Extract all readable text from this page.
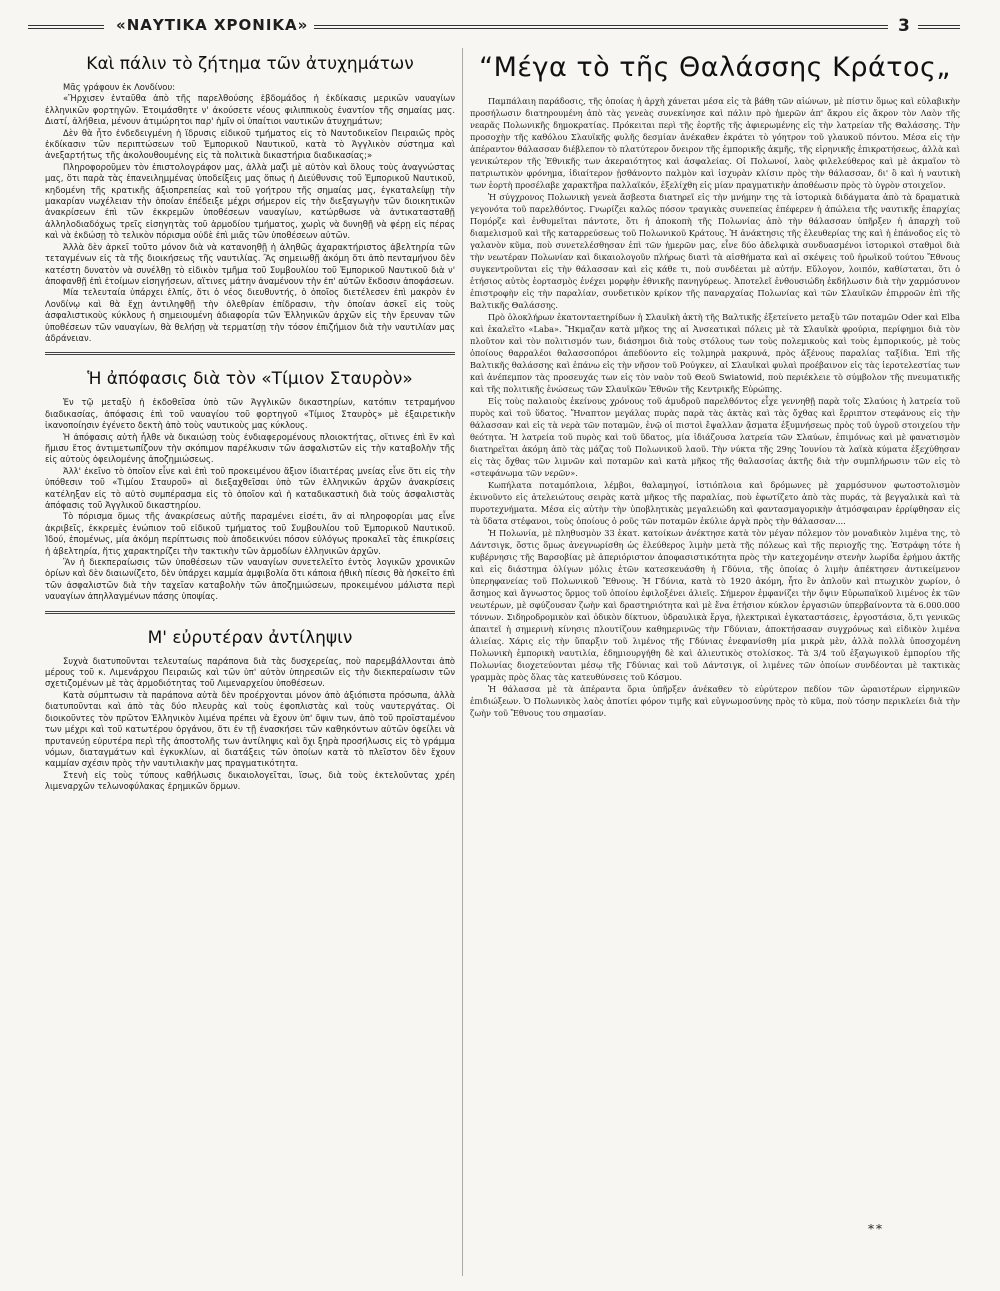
«ΝΑΥΤΙΚΑ ΧΡΟΝΙΚΑ»	3
Καὶ πάλιν τὸ ζήτημα τῶν ἀτυχημάτων

Μᾶς γράφουν ἐκ Λονδίνου:

«Ἤρχισεν ἐνταῦθα ἀπὸ τῆς παρελθούσης ἑβδομάδος ἡ ἐκδίκασις μερικῶν ναυαγίων ἑλληνικῶν φορτηγῶν. Ἑτοιμάσθητε ν' ἀκούσετε νέους φιλιππικοὺς ἐναντίον τῆς σημαίας μας. Διατί, ἀλήθεια, μένουν ἀτιμώρητοι παρ' ἡμῖν οἱ ὑπαίτιοι ναυτικῶν ἀτυχημάτων;

Δὲν θὰ ἦτο ἐνδεδειγμένη ἡ ἵδρυσις εἰδικοῦ τμήματος εἰς τὸ Ναυτοδικεῖον Πειραιῶς πρὸς ἐκδίκασιν τῶν περιπτώσεων τοῦ Ἐμπορικοῦ Ναυτικοῦ, κατὰ τὸ Ἀγγλικὸν σύστημα καὶ ἀνεξαρτήτως τῆς ἀκολουθουμένης εἰς τὰ πολιτικὰ δικαστήρια διαδικασίας;»

Πληροφοροῦμεν τὸν ἐπιστολογράφον μας, ἀλλὰ μαζὶ μὲ αὐτὸν καὶ ὅλους τοὺς ἀναγνώστας μας, ὅτι παρὰ τὰς ἐπανειλημμένας ὑποδείξεις μας ὅπως ἡ Διεύθυνσις τοῦ Ἐμπορικοῦ Ναυτικοῦ, κηδομένη τῆς κρατικῆς ἀξιοπρεπείας καὶ τοῦ γοήτρου τῆς σημαίας μας, ἐγκαταλείψῃ τὴν μακαρίαν νωχέλειαν τὴν ὁποίαν ἐπέδειξε μέχρι σήμερον εἰς τὴν διεξαγωγὴν τῶν διοικητικῶν ἀνακρίσεων ἐπὶ τῶν ἐκκρεμῶν ὑποθέσεων ναυαγίων, κατώρθωσε νὰ ἀντικατασταθῇ ἀλληλοδιαδόχως τρεῖς εἰσηγητὰς τοῦ ἁρμοδίου τμήματος, χωρὶς νὰ δυνηθῇ νὰ φέρῃ εἰς πέρας καὶ νὰ ἐκδώσῃ τὸ τελικὸν πόρισμα οὐδὲ ἐπὶ μιᾶς τῶν ὑποθέσεων αὐτῶν.

Ἀλλὰ δὲν ἀρκεῖ τοῦτο μόνον διὰ νὰ κατανοηθῇ ἡ ἀληθῶς ἀχαρακτήριστος ἀβελτηρία τῶν τεταγμένων εἰς τὰ τῆς διοικήσεως τῆς ναυτιλίας. Ἂς σημειωθῇ ἀκόμη ὅτι ἀπὸ πενταμήνου δὲν κατέστη δυνατὸν νὰ συνέλθῃ τὸ εἰδικὸν τμῆμα τοῦ Συμβουλίου τοῦ Ἐμπορικοῦ Ναυτικοῦ διὰ ν' ἀποφανθῇ ἐπὶ ἑτοίμων εἰσηγήσεων, αἵτινες μάτην ἀναμένουν τὴν ἐπ' αὐτῶν ἔκδοσιν ἀποφάσεων.

Μία τελευταία ὑπάρχει ἐλπίς, ὅτι ὁ νέος διευθυντής, ὁ ὁποῖος διετέλεσεν ἐπὶ μακρὸν ἐν Λονδίνῳ καὶ θὰ ἔχῃ ἀντιληφθῇ τὴν ὀλεθρίαν ἐπίδρασιν, τὴν ὁποίαν ἀσκεῖ εἰς τοὺς ἀσφαλιστικοὺς κύκλους ἡ σημειουμένη ἀδιαφορία τῶν Ἑλληνικῶν ἀρχῶν εἰς τὴν ἔρευναν τῶν ὑποθέσεων τῶν ναυαγίων, θὰ θελήσῃ νὰ τερματίσῃ τὴν τόσον ἐπιζήμιον διὰ τὴν ναυτιλίαν μας ἀδράνειαν.

Ἡ ἀπόφασις διὰ τὸν «Τίμιον Σταυρὸν»

Ἐν τῷ μεταξὺ ἡ ἐκδοθεῖσα ὑπὸ τῶν Ἀγγλικῶν δικαστηρίων, κατόπιν τετραμήνου διαδικασίας, ἀπόφασις ἐπὶ τοῦ ναυαγίου τοῦ φορτηγοῦ «Τίμιος Σταυρὸς» μὲ ἐξαιρετικὴν ἱκανοποίησιν ἐγένετο δεκτὴ ἀπὸ τοὺς ναυτικοὺς μας κύκλους.

Ἡ ἀπόφασις αὐτὴ ἦλθε νὰ δικαιώσῃ τοὺς ἐνδιαφερομένους πλοιοκτήτας, οἵτινες ἐπὶ ἓν καὶ ἥμισυ ἔτος ἀντιμετωπίζουν τὴν σκόπιμον παρέλκυσιν τῶν ἀσφαλιστῶν εἰς τὴν καταβολὴν τῆς εἰς αὐτοὺς ὀφειλομένης ἀποζημιώσεως.

Ἀλλ' ἐκεῖνο τὸ ὁποῖον εἶνε καὶ ἐπὶ τοῦ προκειμένου ἄξιον ἰδιαιτέρας μνείας εἶνε ὅτι εἰς τὴν ὑπόθεσιν τοῦ «Τιμίου Σταυροῦ» αἱ διεξαχθεῖσαι ὑπὸ τῶν ἑλληνικῶν ἀρχῶν ἀνακρίσεις κατέληξαν εἰς τὸ αὐτὸ συμπέρασμα εἰς τὸ ὁποῖον καὶ ἡ καταδικαστικὴ διὰ τοὺς ἀσφαλιστὰς ἀπόφασις τοῦ Ἀγγλικοῦ δικαστηρίου.

Τὸ πόρισμα ὅμως τῆς ἀνακρίσεως αὐτῆς παραμένει εἰσέτι, ἂν αἱ πληροφορίαι μας εἶνε ἀκριβεῖς, ἐκκρεμὲς ἐνώπιον τοῦ εἰδικοῦ τμήματος τοῦ Συμβουλίου τοῦ Ἐμπορικοῦ Ναυτικοῦ. Ἰδού, ἑπομένως, μία ἀκόμη περίπτωσις ποὺ ἀποδεικνύει πόσον εὐλόγως προκαλεῖ τὰς ἐπικρίσεις ἡ ἀβελτηρία, ἥτις χαρακτηρίζει τὴν τακτικὴν τῶν ἁρμοδίων ἑλληνικῶν ἀρχῶν.

Ἂν ἡ διεκπεραίωσις τῶν ὑποθέσεων τῶν ναυαγίων συνετελεῖτο ἐντὸς λογικῶν χρονικῶν ὁρίων καὶ δὲν διαιωνίζετο, δὲν ὑπάρχει καμμία ἀμφιβολία ὅτι κάποια ἠθικὴ πίεσις θὰ ἠσκεῖτο ἐπὶ τῶν ἀσφαλιστῶν διὰ τὴν ταχεῖαν καταβολὴν τῶν ἀποζημιώσεων, προκειμένου μάλιστα περὶ ναυαγίων ἀπηλλαγμένων πάσης ὑποψίας.

Μ' εὐρυτέραν ἀντίληψιν

Συχνὰ διατυποῦνται τελευταίως παράπονα διὰ τὰς δυσχερείας, ποὺ παρεμβάλλονται ἀπὸ μέρους τοῦ κ. Λιμενάρχου Πειραιῶς καὶ τῶν ὑπ' αὐτὸν ὑπηρεσιῶν εἰς τὴν διεκπεραίωσιν τῶν σχετιζομένων μὲ τὰς ἁρμοδιότητας τοῦ Λιμεναρχείου ὑποθέσεων.

Κατὰ σύμπτωσιν τὰ παράπονα αὐτὰ δὲν προέρχονται μόνον ἀπὸ ἀξιόπιστα πρόσωπα, ἀλλὰ διατυποῦνται καὶ ἀπὸ τὰς δύο πλευρὰς καὶ τοὺς ἐφοπλιστὰς καὶ τοὺς ναυτεργάτας. Οἱ διοικοῦντες τὸν πρῶτον Ἑλληνικὸν λιμένα πρέπει νὰ ἔχουν ὑπ' ὄψιν των, ἀπὸ τοῦ προϊσταμένου των μέχρι καὶ τοῦ κατωτέρου ὀργάνου, ὅτι ἐν τῇ ἐνασκήσει τῶν καθηκόντων αὐτῶν ὀφείλει νὰ πρυτανεύῃ εὐρυτέρα περὶ τῆς ἀποστολῆς των ἀντίληψις καὶ ὄχι ξηρὰ προσήλωσις εἰς τὸ γράμμα νόμων, διαταγμάτων καὶ ἐγκυκλίων, αἱ διατάξεις τῶν ὁποίων κατὰ τὸ πλεῖστον δὲν ἔχουν καμμίαν σχέσιν πρὸς τὴν ναυτιλιακὴν μας πραγματικότητα.

Στενὴ εἰς τοὺς τύπους καθήλωσις δικαιολογεῖται, ἴσως, διὰ τοὺς ἐκτελοῦντας χρέη λιμεναρχῶν τελωνοφύλακας ἐρημικῶν ὅρμων.

“Μέγα τὸ τῆς Θαλάσσης Κράτος„

Παμπάλαιη παράδοσις, τῆς ὁποίας ἡ ἀρχὴ χάνεται μέσα εἰς τὰ βάθη τῶν αἰώνων, μὲ πίστιν ὅμως καὶ εὐλαβικὴν προσήλωσιν διατηρουμένη ἀπὸ τὰς γενεὰς συνεκίνησε καὶ πάλιν πρὸ ἡμερῶν ἀπ' ἄκρου εἰς ἄκρον τὸν Λαὸν τῆς νεαρᾶς Πολωνικῆς δημοκρατίας. Πρόκειται περὶ τῆς ἑορτῆς τῆς ἀφιερωμένης εἰς τὴν λατρείαν τῆς Θαλάσσης. Τὴν προσοχὴν τῆς καθόλου Σλαυϊκῆς φυλῆς δεσμίαν ἀνέκαθεν ἐκράτει τὸ γόητρον τοῦ γλαυκοῦ πόντου. Μέσα εἰς τὴν ἀπέραντον θάλασσαν διέβλεπον τὸ πλατύτερον ὄνειρον τῆς ἐμπορικῆς ἀκμῆς, τῆς εἰρηνικῆς ἐπικρατήσεως, ἀλλὰ καὶ γενικώτερον τῆς Ἐθνικῆς των ἀκεραιότητος καὶ ἀσφαλείας. Οἱ Πολωνοί, λαὸς φιλελεύθερος καὶ μὲ ἀκμαῖον τὸ πατριωτικὸν φρόνημα, ἰδιαίτερον ᾐσθάνοντο παλμὸν καὶ ἰσχυρὰν κλίσιν πρὸς τὴν θάλασσαν, δι' ὃ καὶ ἡ ναυτικὴ των ἑορτὴ προσέλαβε χαρακτῆρα παλλαϊκόν, ἐξελίχθη εἰς μίαν πραγματικὴν ἀποθέωσιν πρὸς τὸ ὑγρὸν στοιχεῖον.

Ἡ σύγχρονος Πολωνικὴ γενεὰ ἄσβεστα διατηρεῖ εἰς τὴν μνήμην της τὰ ἱστορικὰ διδάγματα ἀπὸ τὰ δραματικὰ γεγονότα τοῦ παρελθόντος. Γνωρίζει καλῶς πόσον τραγικὰς συνεπείας ἐπέφερεν ἡ ἀπώλεια τῆς ναυτικῆς ἐπαρχίας Πομόρζε καὶ ἐνθυμεῖται πάντοτε, ὅτι ἡ ἀποκοπὴ τῆς Πολωνίας ἀπὸ τὴν θάλασσαν ὑπῆρξεν ἡ ἀπαρχὴ τοῦ διαμελισμοῦ καὶ τῆς καταρρεύσεως τοῦ Πολωνικοῦ Κράτους. Ἡ ἀνάκτησις τῆς ἐλευθερίας της καὶ ἡ ἐπάνοδος εἰς τὸ γαλανὸν κῦμα, ποὺ συνετελέσθησαν ἐπὶ τῶν ἡμερῶν μας, εἶνε δύο ἀδελφικὰ συνδυασμένοι ἱστορικοὶ σταθμοὶ διὰ τὴν νεωτέραν Πολωνίαν καὶ δικαιολογοῦν πλήρως διατὶ τὰ αἰσθήματα καὶ αἱ σκέψεις τοῦ ἡρωϊκοῦ τούτου Ἔθνους συγκεντροῦνται εἰς τὴν θάλασσαν καὶ εἰς κάθε τι, ποὺ συνδέεται μὲ αὐτήν. Εὔλογον, λοιπόν, καθίσταται, ὅτι ὁ ἐτήσιος αὐτὸς ἑορτασμὸς ἐνέχει μορφὴν ἐθνικῆς πανηγύρεως. Ἀποτελεῖ ἐνθουσιώδη ἐκδήλωσιν διὰ τὴν χαρμόσυνον ἐπιστροφὴν εἰς τὴν παραλίαν, συνδετικὸν κρίκον τῆς παναρχαίας Πολωνίας καὶ τῶν Σλαυϊκῶν ἐπιρροῶν ἐπὶ τῆς Βαλτικῆς Θαλάσσης.

Πρὸ ὁλοκλήρων ἑκατονταετηρίδων ἡ Σλαυϊκὴ ἀκτὴ τῆς Βαλτικῆς ἐξετείνετο μεταξὺ τῶν ποταμῶν Oder καὶ Elba καὶ ἐκαλεῖτο «Laba». Ἤκμαζαν κατὰ μῆκος της αἱ Ἀνσεατικαὶ πόλεις μὲ τὰ Σλαυϊκὰ φρούρια, περίφημοι διὰ τὸν πλοῦτον καὶ τὸν πολιτισμόν των, διάσημοι διὰ τοὺς στόλους των τοὺς πολεμικοὺς καὶ τοὺς ἐμπορικούς, μὲ τοὺς ὁποίους θαρραλέοι θαλασσοπόροι ἀπεδύοντο εἰς τολμηρὰ μακρυνά, πρὸς ἀξένους παραλίας ταξίδια. Ἐπὶ τῆς Βαλτικῆς θαλάσσης καὶ ἐπάνω εἰς τὴν νῆσον τοῦ Ρούγκεν, αἱ Σλαυϊκαὶ φυλαὶ προέβαινον εἰς τὰς ἱεροτελεστίας των καὶ ἀνέπεμπον τὰς προσευχάς των εἰς τὸν ναὸν τοῦ Θεοῦ Swiatowid, ποὺ περιέκλειε τὸ σύμβολον τῆς πνευματικῆς καὶ τῆς πολιτικῆς ἑνώσεως τῶν Σλαυϊκῶν Ἐθνῶν τῆς Κεντρικῆς Εὐρώπης.

Εἰς τοὺς παλαιοὺς ἐκείνους χρόνους τοῦ ἀμυδροῦ παρελθόντος εἶχε γεννηθῇ παρὰ τοῖς Σλαύοις ἡ λατρεία τοῦ πυρὸς καὶ τοῦ ὕδατος. Ἤναπτον μεγάλας πυρὰς παρὰ τὰς ἀκτὰς καὶ τὰς ὄχθας καὶ ἔρριπτον στεφάνους εἰς τὴν θάλασσαν καὶ εἰς τὰ νερὰ τῶν ποταμῶν, ἐνῷ οἱ πιστοὶ ἔψαλλαν ᾄσματα ἐξυμνήσεως πρὸς τοῦ ὑγροῦ στοιχείου τὴν θεότητα. Ἡ λατρεία τοῦ πυρὸς καὶ τοῦ ὕδατος, μία ἰδιάζουσα λατρεία τῶν Σλαύων, ἐπιμόνως καὶ μὲ φανατισμὸν διατηρεῖται ἀκόμη ἀπὸ τὰς μάζας τοῦ Πολωνικοῦ λαοῦ. Τὴν νύκτα τῆς 29ης Ἰουνίου τὰ λαϊκὰ κύματα ἐξεχύθησαν εἰς τὰς ὄχθας τῶν λιμνῶν καὶ ποταμῶν καὶ κατὰ μῆκος τῆς θαλασσίας ἀκτῆς διὰ τὴν συμπλήρωσιν τῶν εἰς τὸ «στεφάνωμα τῶν νερῶν».

Κωπήλατα ποταμόπλοια, λέμβοι, θαλαμηγοί, ἱστιόπλοια καὶ δρόμωνες μὲ χαρμόσυνον φωτοστολισμὸν ἐκινοῦντο εἰς ἀτελειώτους σειρὰς κατὰ μῆκος τῆς παραλίας, ποὺ ἐφωτίζετο ἀπὸ τὰς πυράς, τὰ βεγγαλικὰ καὶ τὰ πυροτεχνήματα. Μέσα εἰς αὐτὴν τὴν ὑποβλητικὰς μεγαλειώδη καὶ φαντασμαγορικὴν ἀτμόσφαιραν ἐρρίφθησαν εἰς τὰ ὕδατα στέφανοι, τοὺς ὁποίους ὁ ροῦς τῶν ποταμῶν ἐκύλιε ἀργὰ πρὸς τὴν θάλασσαν....

Ἡ Πολωνία, μὲ πληθυσμὸν 33 ἑκατ. κατοίκων ἀνέκτησε κατὰ τὸν μέγαν πόλεμον τὸν μοναδικὸν λιμένα της, τὸ Δάντσιγκ, ὅστις ὅμως ἀνεγνωρίσθη ὡς ἐλεύθερος λιμὴν μετὰ τῆς πόλεως καὶ τῆς περιοχῆς της. Ἐστράφη τότε ἡ κυβέρνησις τῆς Βαρσοβίας μὲ ἀπεριόριστον ἀποφασιστικότητα πρὸς τὴν κατεχομένην στενὴν λωρίδα ἐρήμου ἀκτῆς καὶ εἰς διάστημα ὀλίγων μόλις ἐτῶν κατεσκευάσθη ἡ Γδύνια, τῆς ὁποίας ὁ λιμὴν ἀπέκτησεν ἀντικείμενον ὑπερηφανείας τοῦ Πολωνικοῦ Ἔθνους. Ἡ Γδύνια, κατὰ τὸ 1920 ἀκόμη, ἦτο ἓν ἁπλοῦν καὶ πτωχικὸν χωρίον, ὁ ἄσημος καὶ ἄγνωστος ὅρμος τοῦ ὁποίου ἐφιλοξένει ἁλιεῖς. Σήμερον ἐμφανίζει τὴν ὄψιν Εὐρωπαϊκοῦ λιμένος ἐκ τῶν νεωτέρων, μὲ σφύζουσαν ζωὴν καὶ δραστηριότητα καὶ μὲ ἕνα ἐτήσιον κύκλον ἐργασιῶν ὑπερβαίνοντα τὰ 6.000.000 τόννων. Σιδηροδρομικὸν καὶ ὁδικὸν δίκτυον, ὑδραυλικὰ ἔργα, ἠλεκτρικαὶ ἐγκαταστάσεις, ἐργοστάσια, ὅ,τι γενικῶς ἀπαιτεῖ ἡ σημερινὴ κίνησις πλουτίζουν καθημερινῶς τὴν Γδύνιαν, ἀποκτήσασαν συγχρόνως καὶ εἰδικὸν λιμένα ἁλιείας. Χάρις εἰς τὴν ὕπαρξιν τοῦ λιμένος τῆς Γδύνιας ἐνεφανίσθη μία μικρὰ μὲν, ἀλλὰ πολλὰ ὑποσχομένη Πολωνικὴ ἐμπορικὴ ναυτιλία, ἐδημιουργήθη δὲ καὶ ἁλιευτικὸς στολίσκος. Τὰ 3/4 τοῦ ἐξαγωγικοῦ ἐμπορίου τῆς Πολωνίας διοχετεύονται μέσῳ τῆς Γδύνιας καὶ τοῦ Δάντσιγκ, οἱ λιμένες τῶν ὁποίων συνδέονται μὲ τακτικὰς γραμμὰς πρὸς ὅλας τὰς κατευθύνσεις τοῦ Κόσμου.

Ἡ θάλασσα μὲ τὰ ἀπέραντα ὅρια ὑπῆρξεν ἀνέκαθεν τὸ εὐρύτερον πεδίον τῶν ὡραιοτέρων εἰρηνικῶν ἐπιδιώξεων. Ὁ Πολωνικὸς λαὸς ἀποτίει φόρον τιμῆς καὶ εὐγνωμοσύνης πρὸς τὸ κῦμα, ποὺ τόσην περικλείει διὰ τὴν ζωὴν τοῦ Ἔθνους του σημασίαν.

**
